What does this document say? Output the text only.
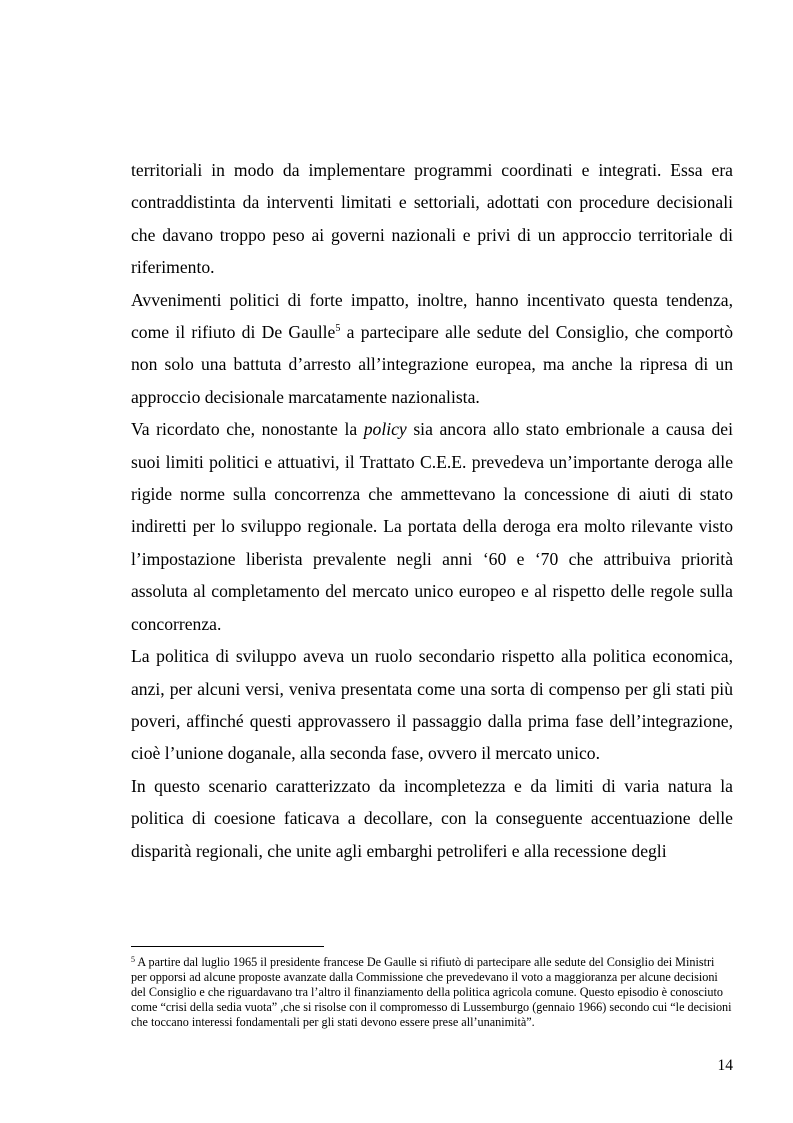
territoriali in modo da implementare programmi coordinati e integrati. Essa era contraddistinta da interventi limitati e settoriali, adottati con procedure decisionali che davano troppo peso ai governi nazionali e privi di un approccio territoriale di riferimento.

Avvenimenti politici di forte impatto, inoltre, hanno incentivato questa tendenza, come il rifiuto di De Gaulle$^5$ a partecipare alle sedute del Consiglio, che comportò non solo una battuta d’arresto all’integrazione europea, ma anche la ripresa di un approccio decisionale marcatamente nazionalista.

Va ricordato che, nonostante la policy sia ancora allo stato embrionale a causa dei suoi limiti politici e attuativi, il Trattato C.E.E. prevedeva un’importante deroga alle rigide norme sulla concorrenza che ammettevano la concessione di aiuti di stato indiretti per lo sviluppo regionale. La portata della deroga era molto rilevante visto l’impostazione liberista prevalente negli anni ‘60 e ‘70 che attribuiva priorità assoluta al completamento del mercato unico europeo e al rispetto delle regole sulla concorrenza.

La politica di sviluppo aveva un ruolo secondario rispetto alla politica economica, anzi, per alcuni versi, veniva presentata come una sorta di compenso per gli stati più poveri, affinché questi approvassero il passaggio dalla prima fase dell’integrazione, cioè l’unione doganale, alla seconda fase, ovvero il mercato unico.

In questo scenario caratterizzato da incompletezza e da limiti di varia natura la politica di coesione faticava a decollare, con la conseguente accentuazione delle disparità regionali, che unite agli embarghi petroliferi e alla recessione degli

$^5$ A partire dal luglio 1965 il presidente francese De Gaulle si rifiutò di partecipare alle sedute del Consiglio dei Ministri per opporsi ad alcune proposte avanzate dalla Commissione che prevedevano il voto a maggioranza per alcune decisioni del Consiglio e che riguardavano tra l’altro il finanziamento della politica agricola comune. Questo episodio è conosciuto come “crisi della sedia vuota” ,che si risolse con il compromesso di Lussemburgo (gennaio 1966) secondo cui “le decisioni che toccano interessi fondamentali per gli stati devono essere prese all’unanimità”.
14
